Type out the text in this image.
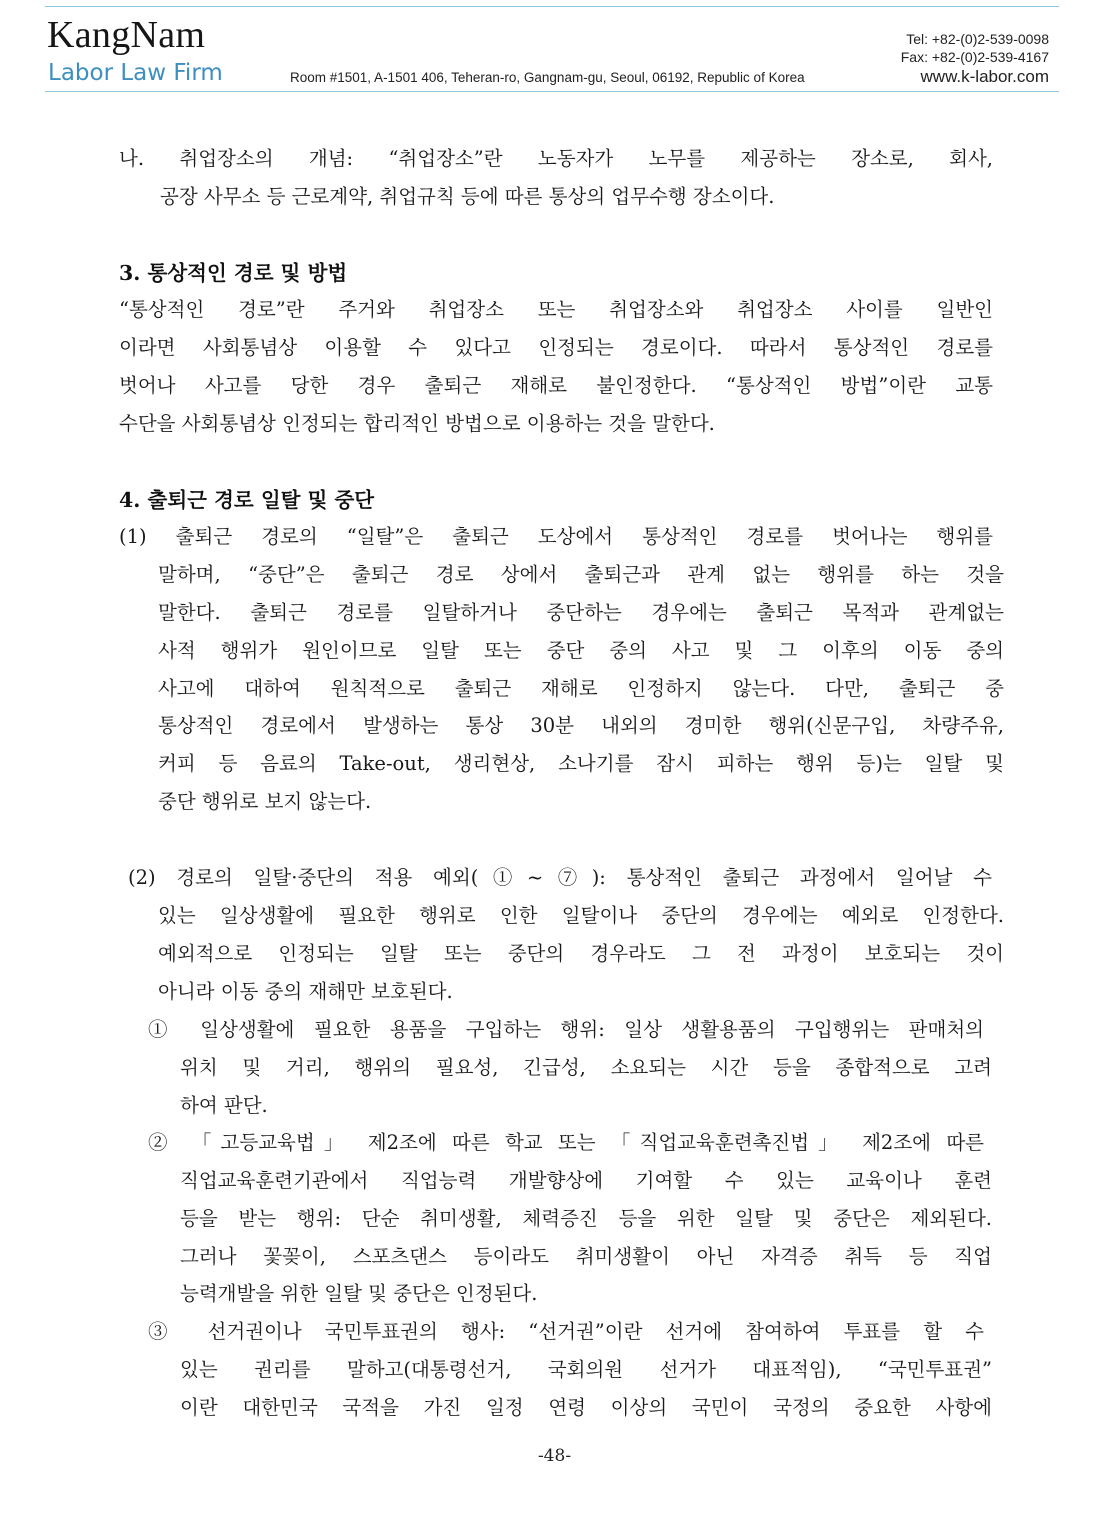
KangNam
Labor Law Firm	Room #1501, A-1501 406, Teheran-ro, Gangnam-gu, Seoul, 06192, Republic of Korea
Tel: +82-(0)2-539-0098
Fax: +82-(0)2-539-4167
www.k-labor.com
나. 취업장소의 개념: “취업장소”란 노동자가 노무를 제공하는 장소로, 회사,
공장 사무소 등 근로계약, 취업규칙 등에 따른 통상의 업무수행 장소이다.
3. 통상적인 경로 및 방법
“통상적인 경로”란 주거와 취업장소 또는 취업장소와 취업장소 사이를 일반인
이라면 사회통념상 이용할 수 있다고 인정되는 경로이다. 따라서 통상적인 경로를
벗어나 사고를 당한 경우 출퇴근 재해로 불인정한다. “통상적인 방법”이란 교통
수단을 사회통념상 인정되는 합리적인 방법으로 이용하는 것을 말한다.
4. 출퇴근 경로 일탈 및 중단
(1) 출퇴근 경로의 “일탈”은 출퇴근 도상에서 통상적인 경로를 벗어나는 행위를
말하며, “중단”은 출퇴근 경로 상에서 출퇴근과 관계 없는 행위를 하는 것을
말한다. 출퇴근 경로를 일탈하거나 중단하는 경우에는 출퇴근 목적과 관계없는
사적 행위가 원인이므로 일탈 또는 중단 중의 사고 및 그 이후의 이동 중의
사고에 대하여 원칙적으로 출퇴근 재해로 인정하지 않는다. 다만, 출퇴근 중
통상적인 경로에서 발생하는 통상 30분 내외의 경미한 행위(신문구입, 차량주유,
커피 등 음료의 Take-out, 생리현상, 소나기를 잠시 피하는 행위 등)는 일탈 및
중단 행위로 보지 않는다.
(2) 경로의 일탈·중단의 적용 예외(①~⑦): 통상적인 출퇴근 과정에서 일어날 수
있는 일상생활에 필요한 행위로 인한 일탈이나 중단의 경우에는 예외로 인정한다.
예외적으로 인정되는 일탈 또는 중단의 경우라도 그 전 과정이 보호되는 것이
아니라 이동 중의 재해만 보호된다.
① 일상생활에 필요한 용품을 구입하는 행위: 일상 생활용품의 구입행위는 판매처의
위치 및 거리, 행위의 필요성, 긴급성, 소요되는 시간 등을 종합적으로 고려
하여 판단.
② 「고등교육법」 제2조에 따른 학교 또는 「직업교육훈련촉진법」 제2조에 따른
직업교육훈련기관에서 직업능력 개발향상에 기여할 수 있는 교육이나 훈련
등을 받는 행위: 단순 취미생활, 체력증진 등을 위한 일탈 및 중단은 제외된다.
그러나 꽃꽂이, 스포츠댄스 등이라도 취미생활이 아닌 자격증 취득 등 직업
능력개발을 위한 일탈 및 중단은 인정된다.
③ 선거권이나 국민투표권의 행사: “선거권”이란 선거에 참여하여 투표를 할 수
있는 권리를 말하고(대통령선거, 국회의원 선거가 대표적임), “국민투표권”
이란 대한민국 국적을 가진 일정 연령 이상의 국민이 국정의 중요한 사항에
-48-
